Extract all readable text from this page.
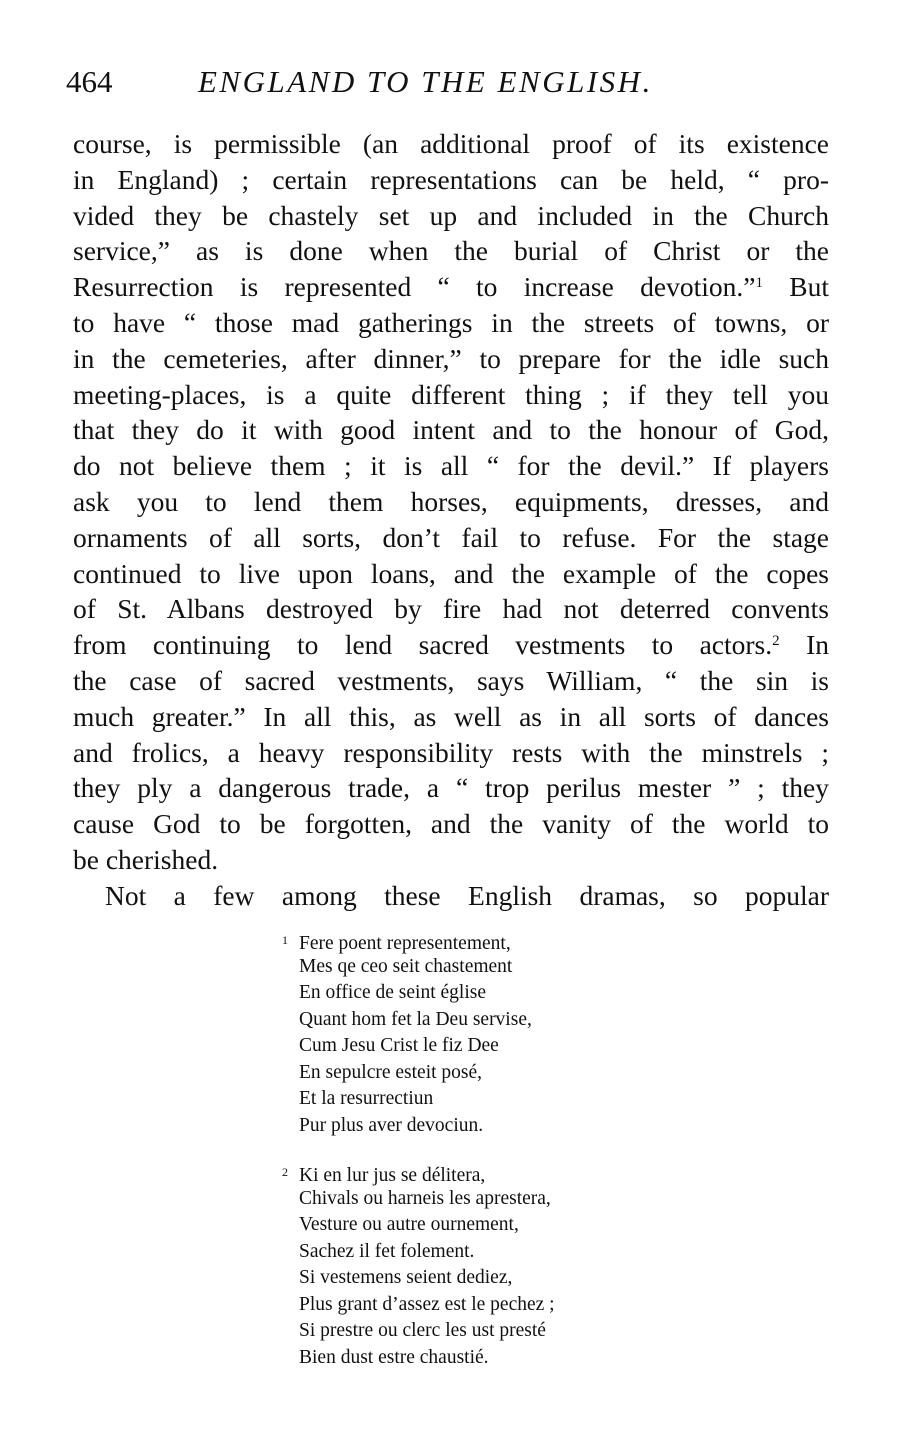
464	ENGLAND TO THE ENGLISH.
course, is permissible (an additional proof of its existence
in England) ; certain representations can be held, “ pro-
vided they be chastely set up and included in the Church
service,” as is done when the burial of Christ or the
Resurrection is represented “ to increase devotion.”$^1$ But
to have “ those mad gatherings in the streets of towns, or
in the cemeteries, after dinner,” to prepare for the idle such
meeting-places, is a quite different thing ; if they tell you
that they do it with good intent and to the honour of God,
do not believe them ; it is all “ for the devil.” If players
ask you to lend them horses, equipments, dresses, and
ornaments of all sorts, don’t fail to refuse. For the stage
continued to live upon loans, and the example of the copes
of St. Albans destroyed by fire had not deterred convents
from continuing to lend sacred vestments to actors.$^2$ In
the case of sacred vestments, says William, “ the sin is
much greater.” In all this, as well as in all sorts of dances
and frolics, a heavy responsibility rests with the minstrels ;
they ply a dangerous trade, a “ trop perilus mester ” ; they
cause God to be forgotten, and the vanity of the world to
be cherished.
Not a few among these English dramas, so popular
1 Fere poent representement,
Mes qe ceo seit chastement
En office de seint église
Quant hom fet la Deu servise,
Cum Jesu Crist le fiz Dee
En sepulcre esteit posé,
Et la resurrectiun
Pur plus aver devociun.
2 Ki en lur jus se délitera,
Chivals ou harneis les aprestera,
Vesture ou autre ournement,
Sachez il fet folement.
Si vestemens seient dediez,
Plus grant d’assez est le pechez ;
Si prestre ou clerc les ust presté
Bien dust estre chaustié.
